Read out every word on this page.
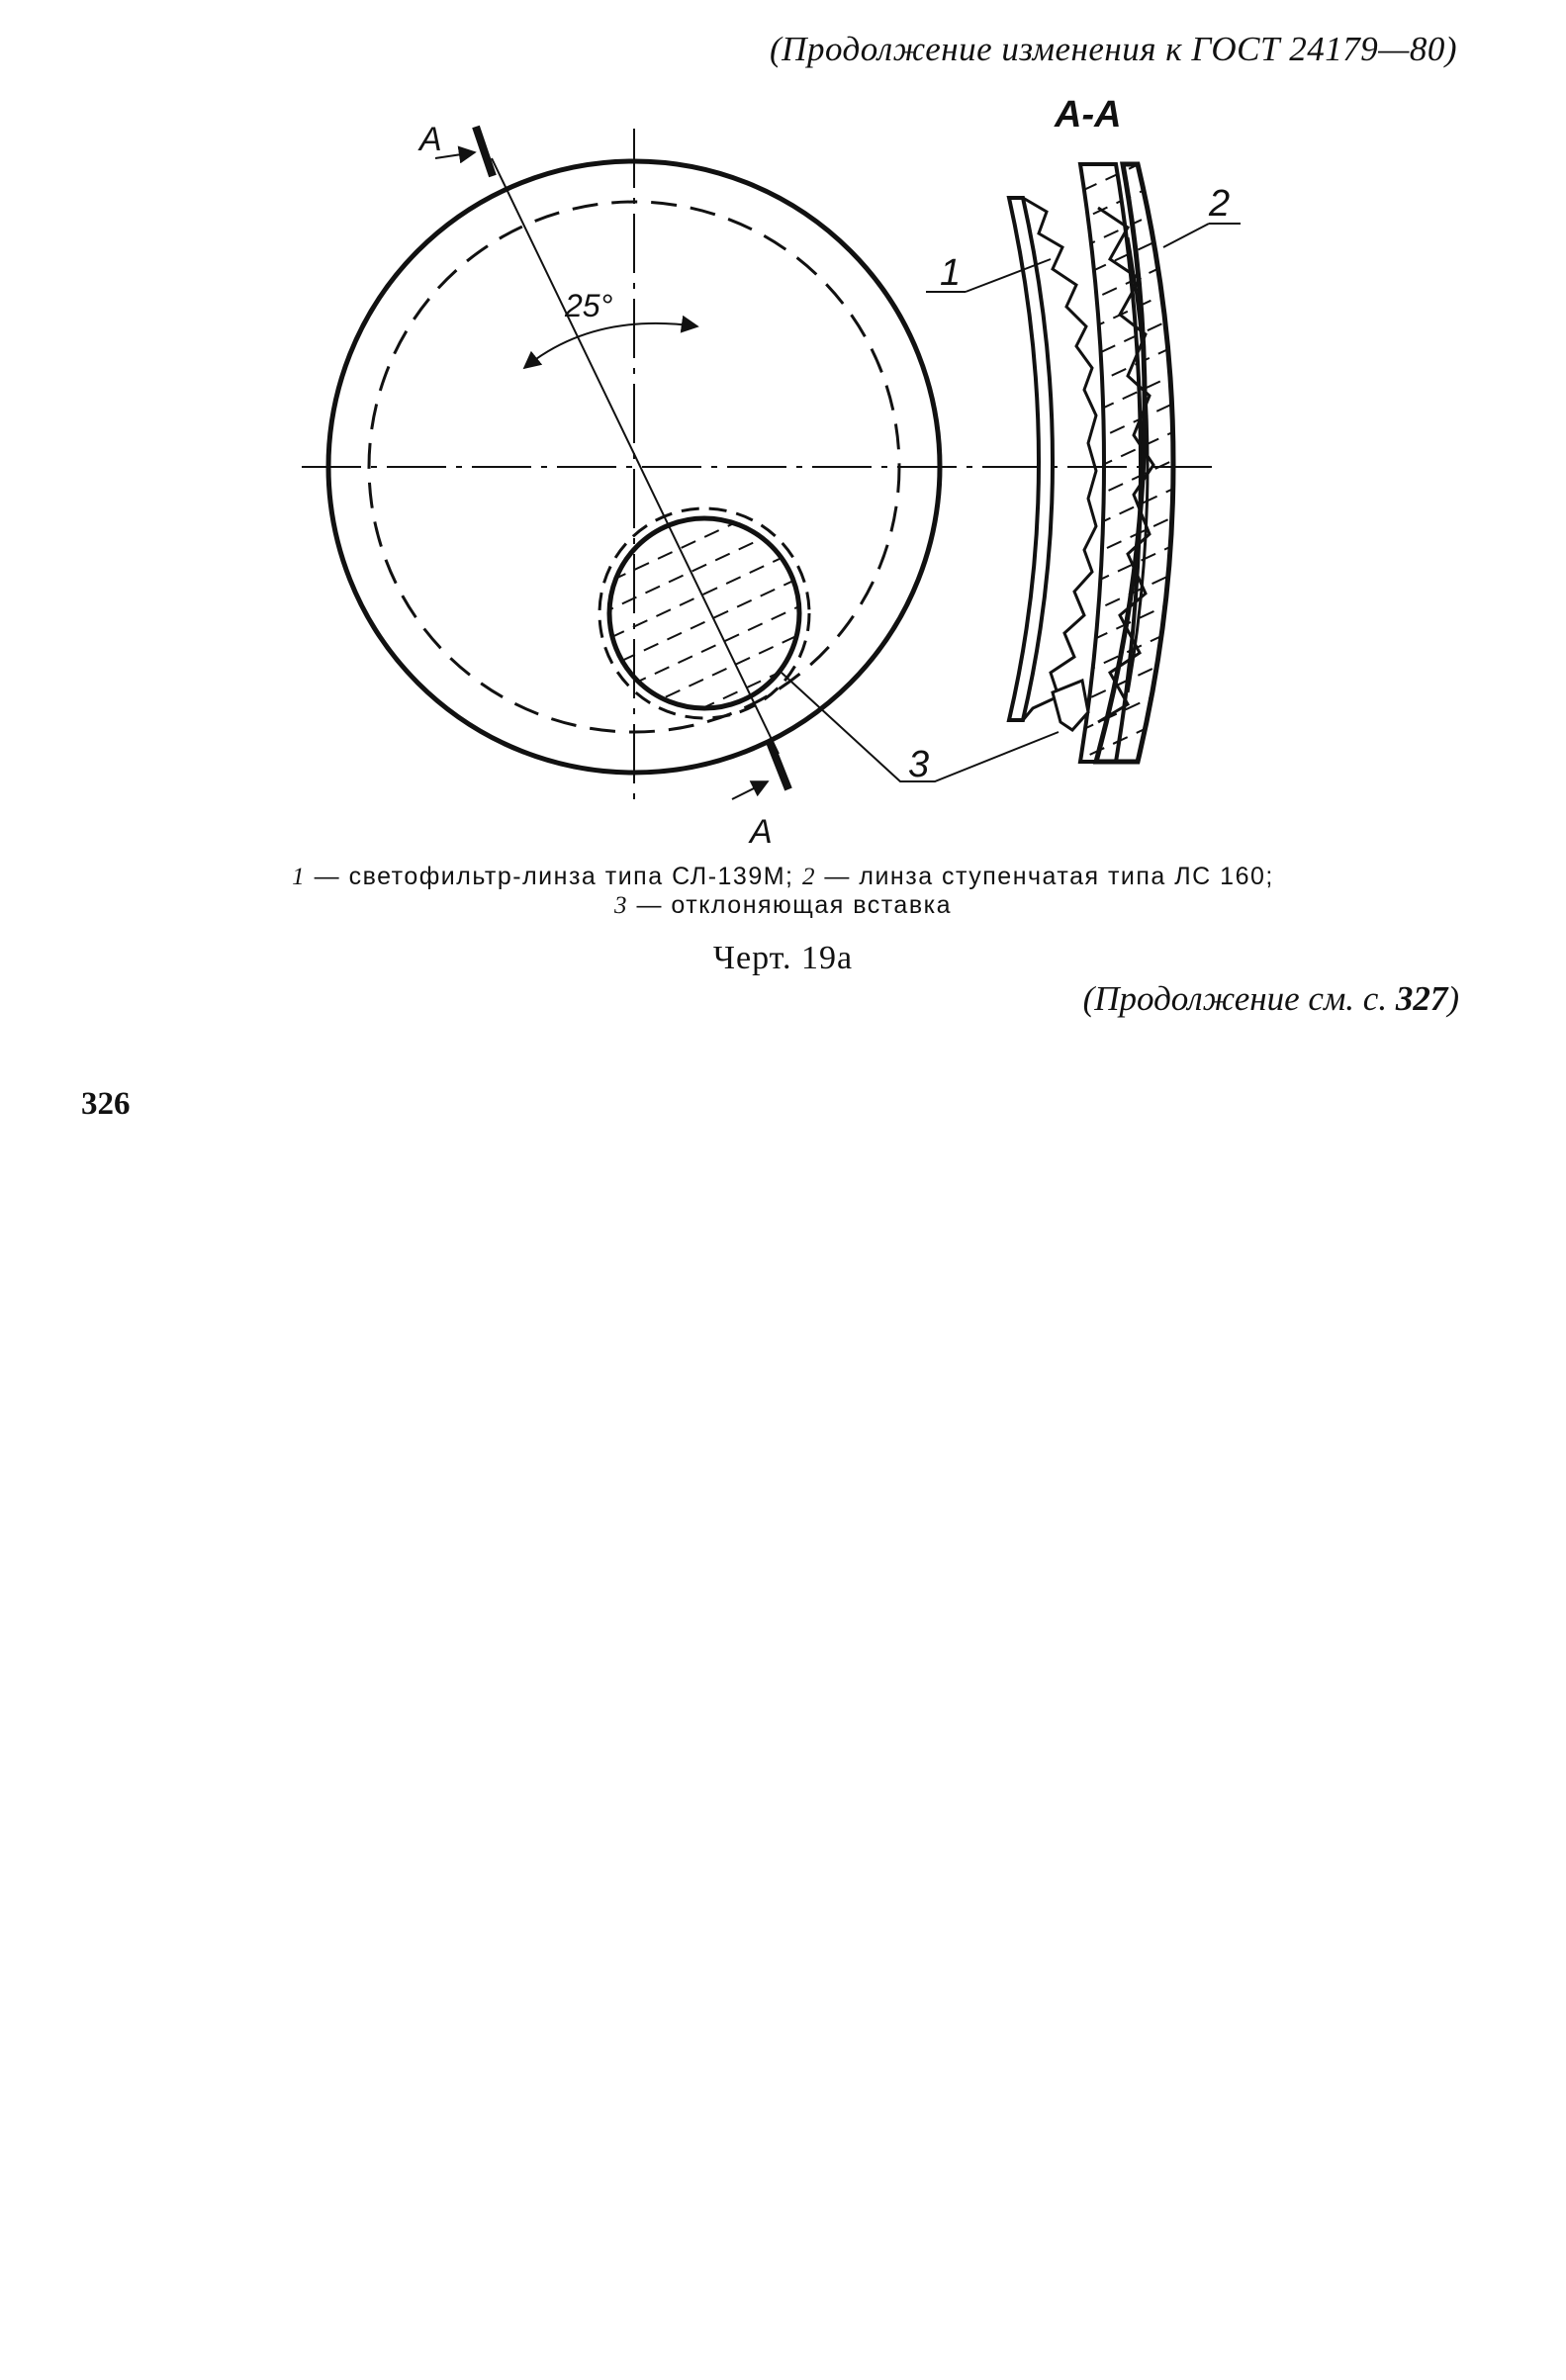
(Продолжение изменения к ГОСТ 24179—80)
25°
А
А
А-А
1
2
3
1 — светофильтр-линза типа СЛ-139М; 2 — линза ступенчатая типа ЛС 160;
3 — отклоняющая вставка
Черт. 19а
(Продолжение см. с. 327)
326
